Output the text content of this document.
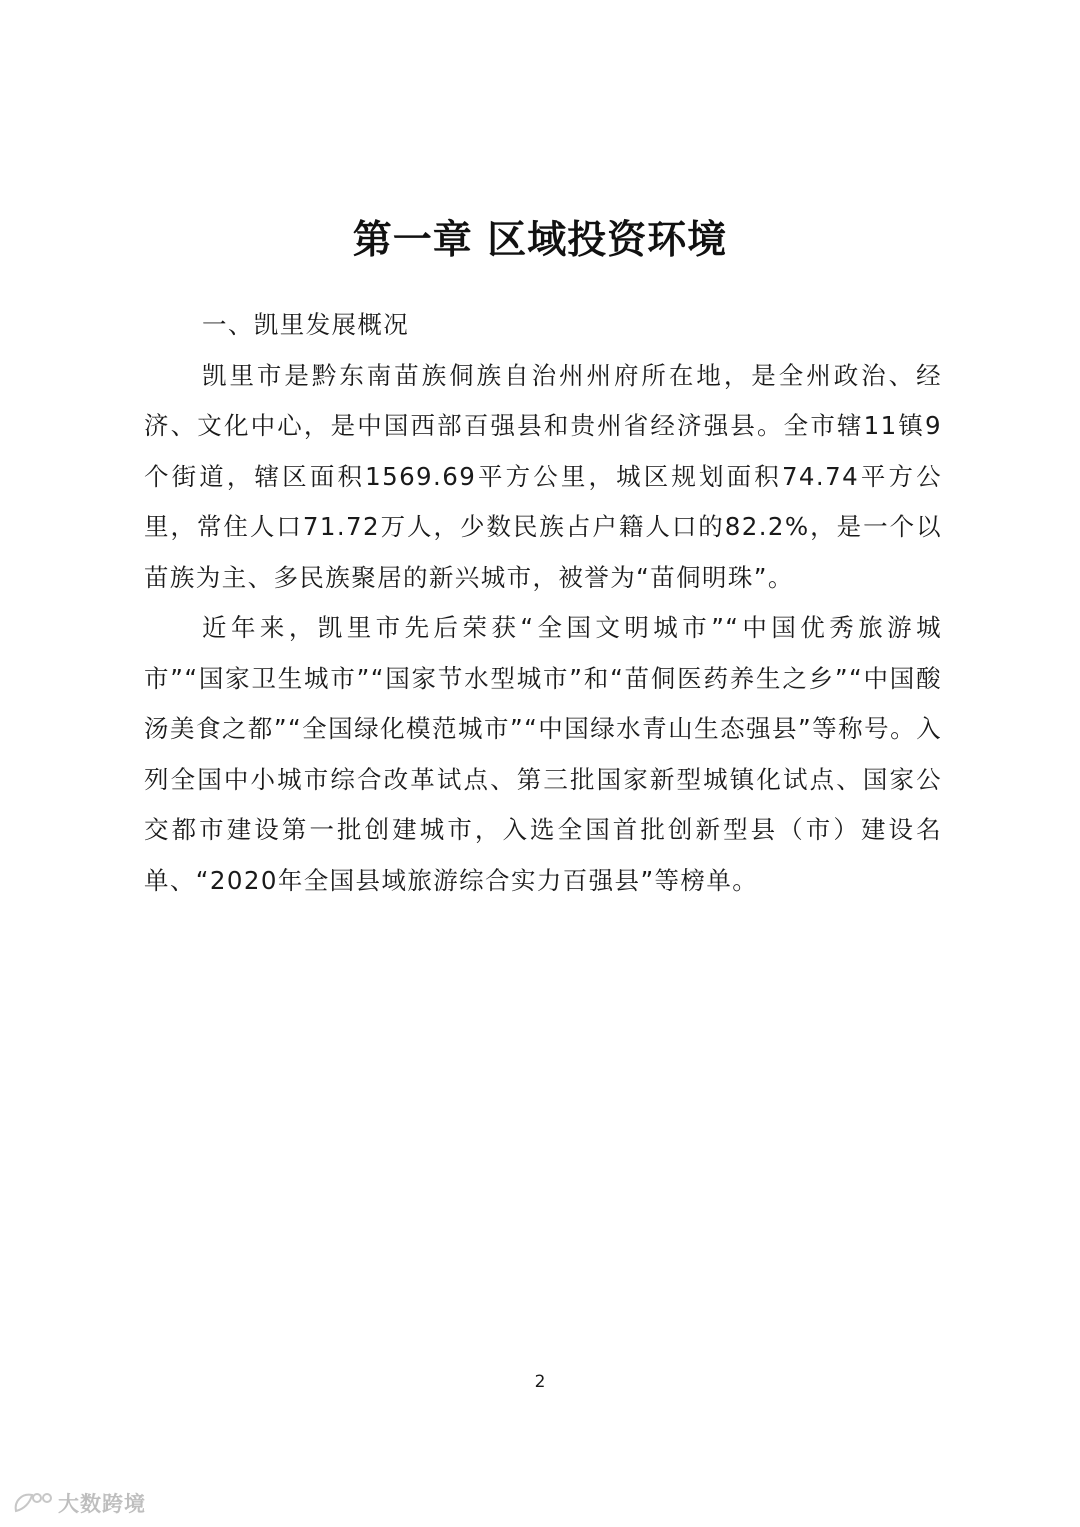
第一章 区域投资环境

一、凯里发展概况

凯里市是黔东南苗族侗族自治州州府所在地，是全州政治、经济、文化中心，是中国西部百强县和贵州省经济强县。全市辖11镇9个街道，辖区面积1569.69平方公里，城区规划面积74.74平方公里，常住人口71.72万人，少数民族占户籍人口的82.2%，是一个以苗族为主、多民族聚居的新兴城市，被誉为“苗侗明珠”。

近年来，凯里市先后荣获“全国文明城市”“中国优秀旅游城市”“国家卫生城市”“国家节水型城市”和“苗侗医药养生之乡”“中国酸汤美食之都”“全国绿化模范城市”“中国绿水青山生态强县”等称号。入列全国中小城市综合改革试点、第三批国家新型城镇化试点、国家公交都市建设第一批创建城市，入选全国首批创新型县（市）建设名单、“2020年全国县域旅游综合实力百强县”等榜单。

2
大数跨境
